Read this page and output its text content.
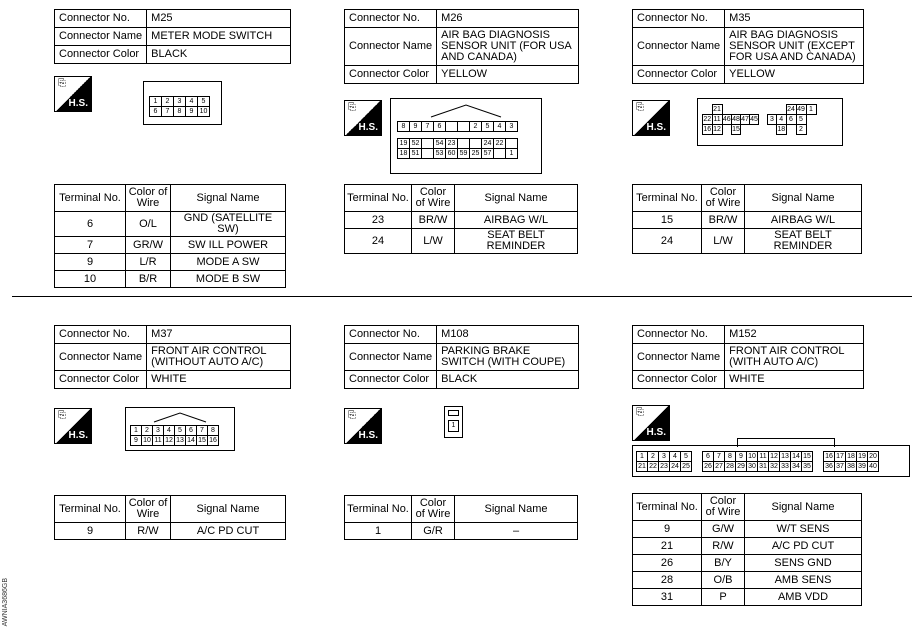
Connector No.	M25
Connector Name	METER MODE SWITCH
Connector Color	BLACK
⎘
H.S.	1	2	3	4	5
6	7	8	9	10
Terminal No.	Color of Wire	Signal Name
6	O/L	GND (SATELLITE SW)
7	GR/W	SW ILL POWER
9	L/R	MODE A SW
10	B/R	MODE B SW
Connector No.	M26
Connector Name	AIR BAG DIAGNOSIS SENSOR UNIT (FOR USA AND CANADA)
Connector Color	YELLOW
⎘
H.S.	8	9	7	6			2	5	4	3

19	52		54	23			24	22	
18	51		53	60	59	25	57		1
Terminal No.	Color of Wire	Signal Name
23	BR/W	AIRBAG W/L
24	L/W	SEAT BELT REMINDER
Connector No.	M35
Connector Name	AIR BAG DIAGNOSIS SENSOR UNIT (EXCEPT FOR USA AND CANADA)
Connector Color	YELLOW
⎘
H.S.
	21								24	49	1
22	11	46	48	47	45		3	4	6	5	
16	12		15					18		2	
Terminal No.	Color of Wire	Signal Name
15	BR/W	AIRBAG W/L
24	L/W	SEAT BELT REMINDER
Connector No.	M37
Connector Name	FRONT AIR CONTROL (WITHOUT AUTO A/C)
Connector Color	WHITE
⎘
H.S.	1	2	3	4	5	6	7	8
9	10	11	12	13	14	15	16
Terminal No.	Color of Wire	Signal Name
9	R/W	A/C PD CUT
Connector No.	M108
Connector Name	PARKING BRAKE SWITCH (WITH COUPE)
Connector Color	BLACK
⎘
H.S.
1
Terminal No.	Color of Wire	Signal Name
1	G/R	–
Connector No.	M152
Connector Name	FRONT AIR CONTROL (WITH AUTO A/C)
Connector Color	WHITE
⎘
H.S.
1	2	3	4	5		6	7	8	9	10	11	12	13	14	15		16	17	18	19	20
21	22	23	24	25		26	27	28	29	30	31	32	33	34	35		36	37	38	39	40
Terminal No.	Color of Wire	Signal Name
9	G/W	W/T SENS
21	R/W	A/C PD CUT
26	B/Y	SENS GND
28	O/B	AMB SENS
31	P	AMB VDD
AWNIA3686GB
